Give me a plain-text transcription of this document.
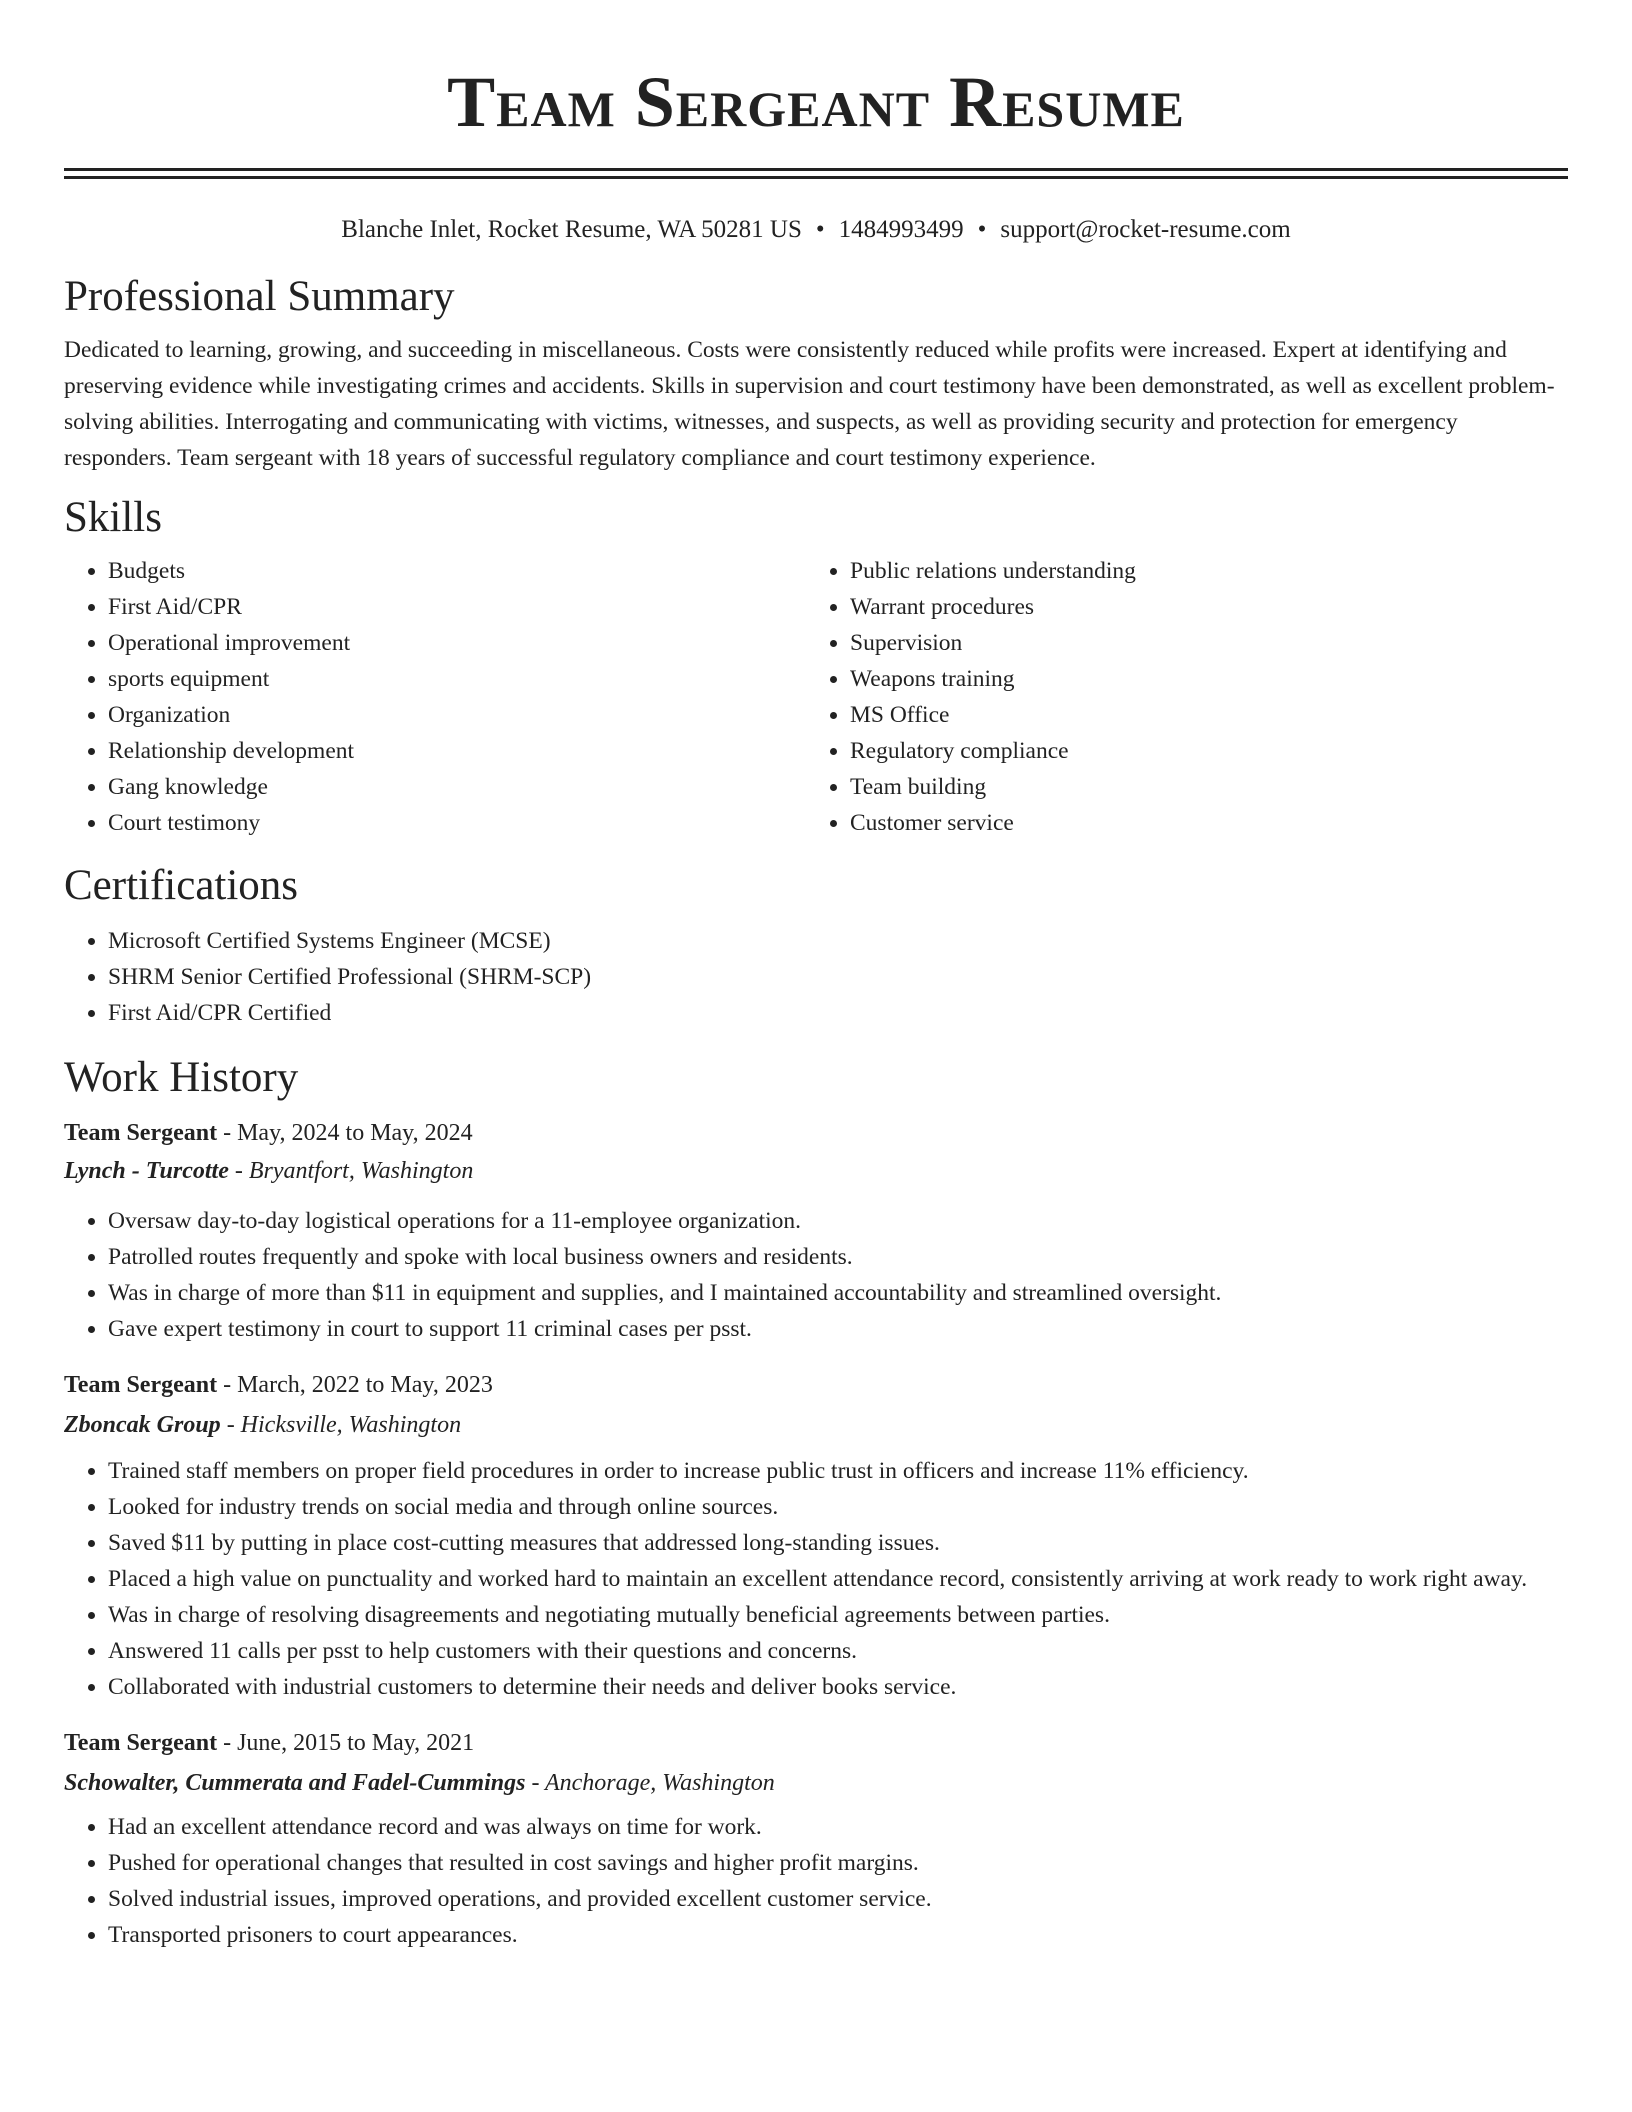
Team Sergeant Resume
Blanche Inlet, Rocket Resume, WA 50281 US • 1484993499 • support@rocket-resume.com
Professional Summary

Dedicated to learning, growing, and succeeding in miscellaneous. Costs were consistently reduced while profits were increased. Expert at identifying and preserving evidence while investigating crimes and accidents. Skills in supervision and court testimony have been demonstrated, as well as excellent problem-solving abilities. Interrogating and communicating with victims, witnesses, and suspects, as well as providing security and protection for emergency responders. Team sergeant with 18 years of successful regulatory compliance and court testimony experience.

Skills
• Budgets
• First Aid/CPR
• Operational improvement
• sports equipment
• Organization
• Relationship development
• Gang knowledge
• Court testimony
• Public relations understanding
• Warrant procedures
• Supervision
• Weapons training
• MS Office
• Regulatory compliance
• Team building
• Customer service
Certifications
• Microsoft Certified Systems Engineer (MCSE)
• SHRM Senior Certified Professional (SHRM-SCP)
• First Aid/CPR Certified
Work History

Team Sergeant - May, 2024 to May, 2024

Lynch - Turcotte - Bryantfort, Washington

• Oversaw day-to-day logistical operations for a 11-employee organization.
• Patrolled routes frequently and spoke with local business owners and residents.
• Was in charge of more than $11 in equipment and supplies, and I maintained accountability and streamlined oversight.
• Gave expert testimony in court to support 11 criminal cases per psst.

Team Sergeant - March, 2022 to May, 2023

Zboncak Group - Hicksville, Washington

• Trained staff members on proper field procedures in order to increase public trust in officers and increase 11% efficiency.
• Looked for industry trends on social media and through online sources.
• Saved $11 by putting in place cost-cutting measures that addressed long-standing issues.
• Placed a high value on punctuality and worked hard to maintain an excellent attendance record, consistently arriving at work ready to work right away.
• Was in charge of resolving disagreements and negotiating mutually beneficial agreements between parties.
• Answered 11 calls per psst to help customers with their questions and concerns.
• Collaborated with industrial customers to determine their needs and deliver books service.

Team Sergeant - June, 2015 to May, 2021

Schowalter, Cummerata and Fadel-Cummings - Anchorage, Washington

• Had an excellent attendance record and was always on time for work.
• Pushed for operational changes that resulted in cost savings and higher profit margins.
• Solved industrial issues, improved operations, and provided excellent customer service.
• Transported prisoners to court appearances.
